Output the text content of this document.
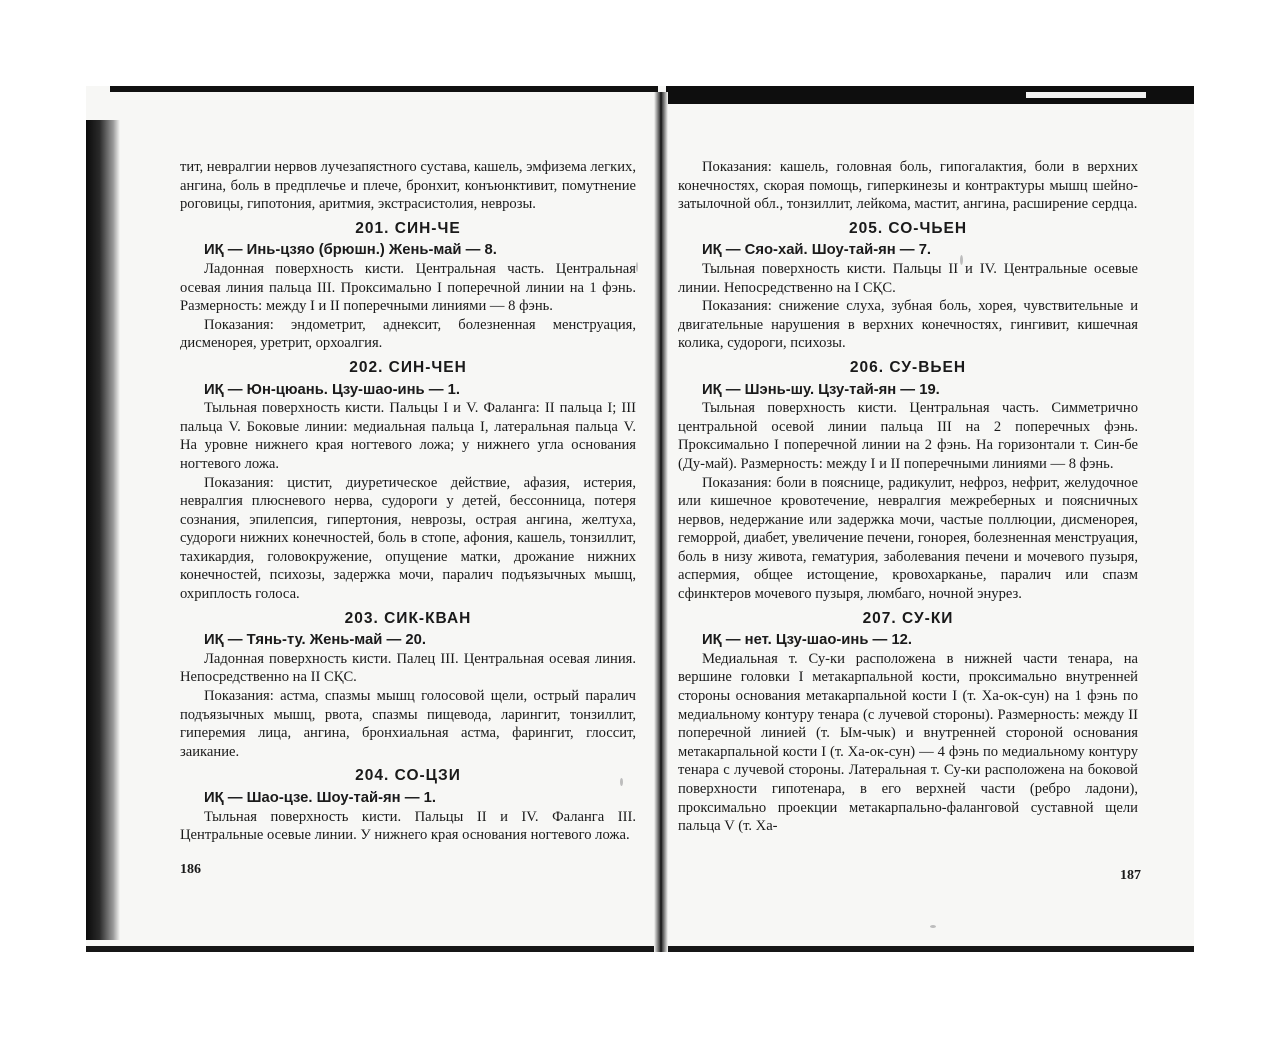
тит, невралгии нервов лучезапястного сустава, кашель, эмфизема легких, ангина, боль в предплечье и плече, бронхит, конъюнктивит, помутнение роговицы, гипотония, аритмия, экстрасистолия, неврозы.

201. СИН-ЧЕ

ИҚ — Инь-цзяо (брюшн.) Жень-май — 8.

Ладонная поверхность кисти. Центральная часть. Центральная осевая линия пальца III. Проксимально I поперечной линии на 1 фэнь. Размерность: между I и II поперечными линиями — 8 фэнь.

Показания: эндометрит, аднексит, болезненная менструация, дисменорея, уретрит, орхоалгия.

202. СИН-ЧЕН

ИҚ — Юн-цюань. Цзу-шао-инь — 1.

Тыльная поверхность кисти. Пальцы I и V. Фаланга: II пальца I; III пальца V. Боковые линии: медиальная пальца I, латеральная пальца V. На уровне нижнего края ногтевого ложа; у нижнего угла основания ногтевого ложа.

Показания: цистит, диуретическое действие, афазия, истерия, невралгия плюсневого нерва, судороги у детей, бессонница, потеря сознания, эпилепсия, гипертония, неврозы, острая ангина, желтуха, судороги нижних конечностей, боль в стопе, афония, кашель, тонзиллит, тахикардия, головокружение, опущение матки, дрожание нижних конечностей, психозы, задержка мочи, паралич подъязычных мышц, охриплость голоса.

203. СИК-КВАН

ИҚ — Тянь-ту. Жень-май — 20.

Ладонная поверхность кисти. Палец III. Центральная осевая линия. Непосредственно на II СҚС.

Показания: астма, спазмы мышц голосовой щели, острый паралич подъязычных мышц, рвота, спазмы пищевода, ларингит, тонзиллит, гиперемия лица, ангина, бронхиальная астма, фарингит, глоссит, заикание.

204. СО-ЦЗИ

ИҚ — Шао-цзе. Шоу-тай-ян — 1.

Тыльная поверхность кисти. Пальцы II и IV. Фаланга III. Центральные осевые линии. У нижнего края основания ногтевого ложа.

186

Показания: кашель, головная боль, гипогалактия, боли в верхних конечностях, скорая помощь, гиперкинезы и контрактуры мышц шейно-затылочной обл., тонзиллит, лейкома, мастит, ангина, расширение сердца.

205. СО-ЧЬЕН

ИҚ — Сяо-хай. Шоу-тай-ян — 7.

Тыльная поверхность кисти. Пальцы II и IV. Центральные осевые линии. Непосредственно на I СҚС.

Показания: снижение слуха, зубная боль, хорея, чувствительные и двигательные нарушения в верхних конечностях, гингивит, кишечная колика, судороги, психозы.

206. СУ-ВЬЕН

ИҚ — Шэнь-шу. Цзу-тай-ян — 19.

Тыльная поверхность кисти. Центральная часть. Симметрично центральной осевой линии пальца III на 2 поперечных фэнь. Проксимально I поперечной линии на 2 фэнь. На горизонтали т. Син-бе (Ду-май). Размерность: между I и II поперечными линиями — 8 фэнь.

Показания: боли в пояснице, радикулит, нефроз, нефрит, желудочное или кишечное кровотечение, невралгия межреберных и поясничных нервов, недержание или задержка мочи, частые поллюции, дисменорея, геморрой, диабет, увеличение печени, гонорея, болезненная менструация, боль в низу живота, гематурия, заболевания печени и мочевого пузыря, аспермия, общее истощение, кровохарканье, паралич или спазм сфинктеров мочевого пузыря, люмбаго, ночной энурез.

207. СУ-КИ

ИҚ — нет. Цзу-шао-инь — 12.

Медиальная т. Су-ки расположена в нижней части тенара, на вершине головки I метакарпальной кости, проксимально внутренней стороны основания метакарпальной кости I (т. Ха-ок-сун) на 1 фэнь по медиальному контуру тенара (с лучевой стороны). Размерность: между II поперечной линией (т. Ым-чык) и внутренней стороной основания метакарпальной кости I (т. Ха-ок-сун) — 4 фэнь по медиальному контуру тенара с лучевой стороны. Латеральная т. Су-ки расположена на боковой поверхности гипотенара, в его верхней части (ребро ладони), проксимально проекции метакарпально-фаланговой суставной щели пальца V (т. Ха-

187
